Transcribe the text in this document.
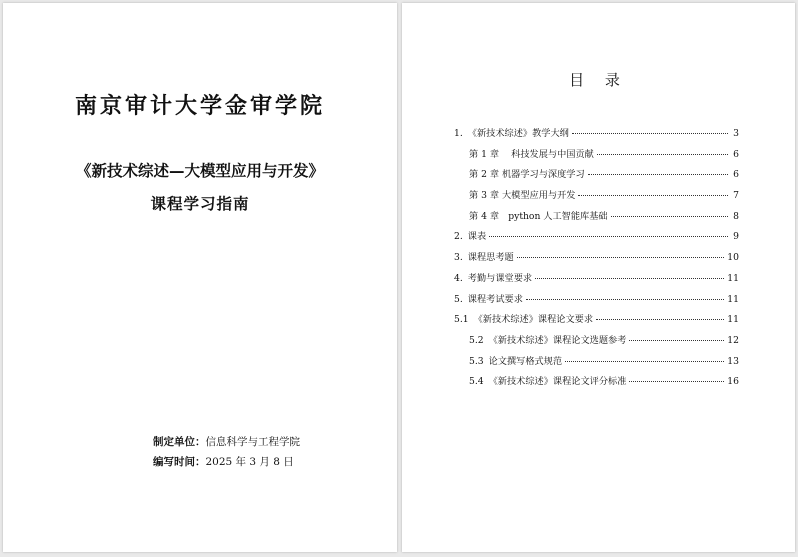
南京审计大学金审学院
《新技术综述—大模型应用与开发》
课程学习指南
制定单位：信息科学与工程学院
编写时间：2025 年 3 月 8 日
目 录
1. 《新技术综述》教学大纲	3
第 1 章　 科技发展与中国贡献	6
第 2 章 机器学习与深度学习	6
第 3 章 大模型应用与开发	7
第 4 章　python 人工智能库基础	8
2. 课表	9
3. 课程思考题	10
4. 考勤与课堂要求	11
5. 课程考试要求	11
5.1 《新技术综述》课程论文要求	11
5.2 《新技术综述》课程论文选题参考	12
5.3 论文撰写格式规范	13
5.4 《新技术综述》课程论文评分标准	16
